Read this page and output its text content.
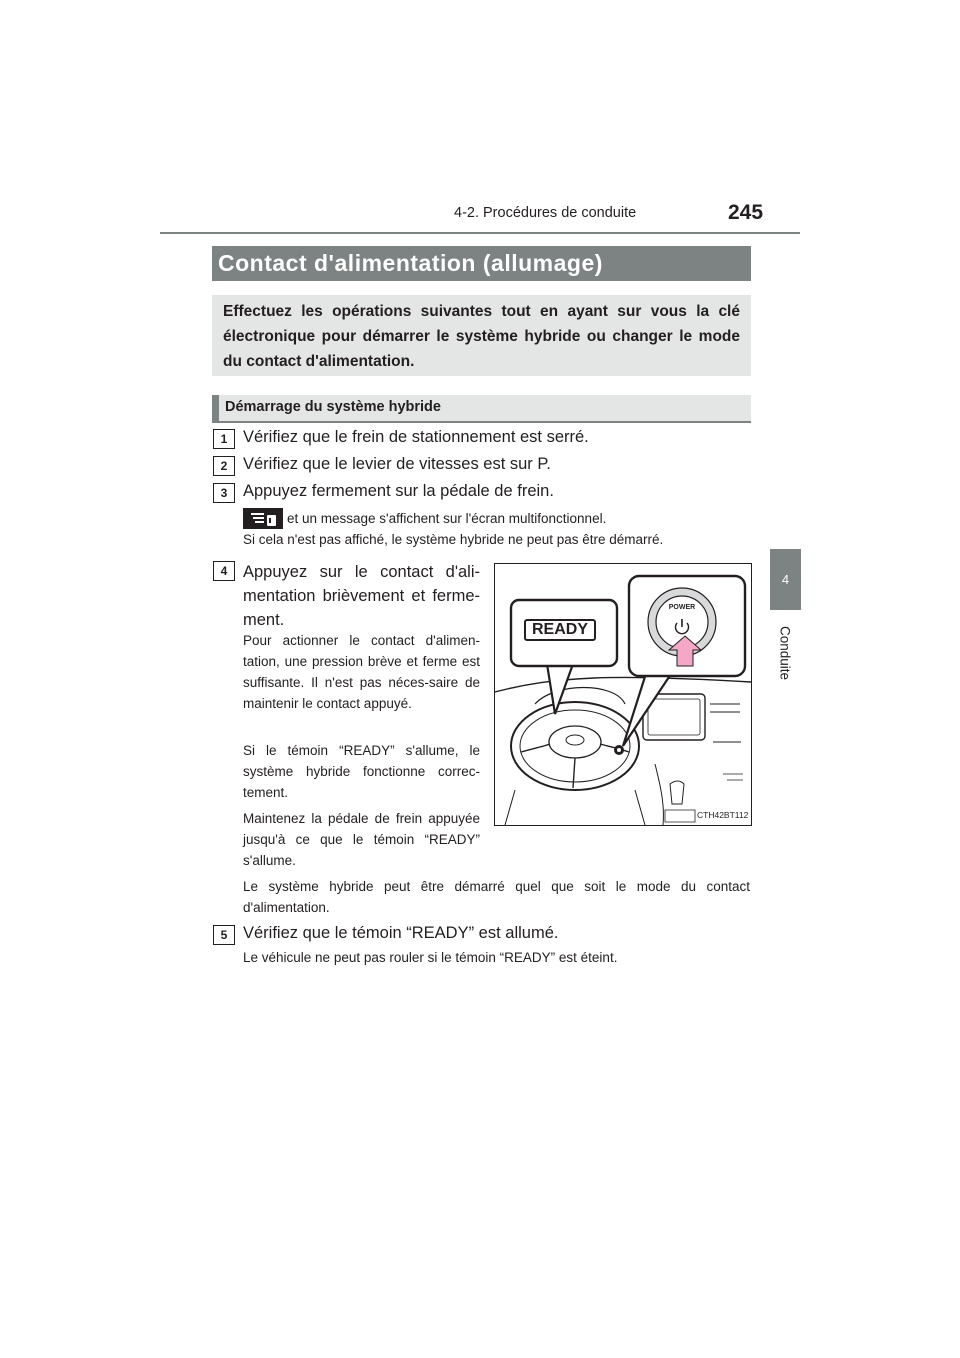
4-2. Procédures de conduite	245
4
Conduite
Contact d'alimentation (allumage)
Effectuez les opérations suivantes tout en ayant sur vous la clé électronique pour démarrer le système hybride ou changer le mode du contact d'alimentation.
Démarrage du système hybride
1 Vérifiez que le frein de stationnement est serré.
2 Vérifiez que le levier de vitesses est sur P.
3 Appuyez fermement sur la pédale de frein.
et un message s'affichent sur l'écran multifonctionnel.
Si cela n'est pas affiché, le système hybride ne peut pas être démarré.
4 Appuyez sur le contact d'ali-mentation brièvement et ferme-ment.
Pour actionner le contact d'alimen-tation, une pression brève et ferme est suffisante. Il n'est pas néces-saire de maintenir le contact appuyé.
Si le témoin “READY” s'allume, le système hybride fonctionne correc-tement.
Maintenez la pédale de frein appuyée jusqu'à ce que le témoin “READY” s'allume.
READY
POWER
CTH42BT112
Le système hybride peut être démarré quel que soit le mode du contact d'alimentation.
5 Vérifiez que le témoin “READY” est allumé.
Le véhicule ne peut pas rouler si le témoin “READY” est éteint.
